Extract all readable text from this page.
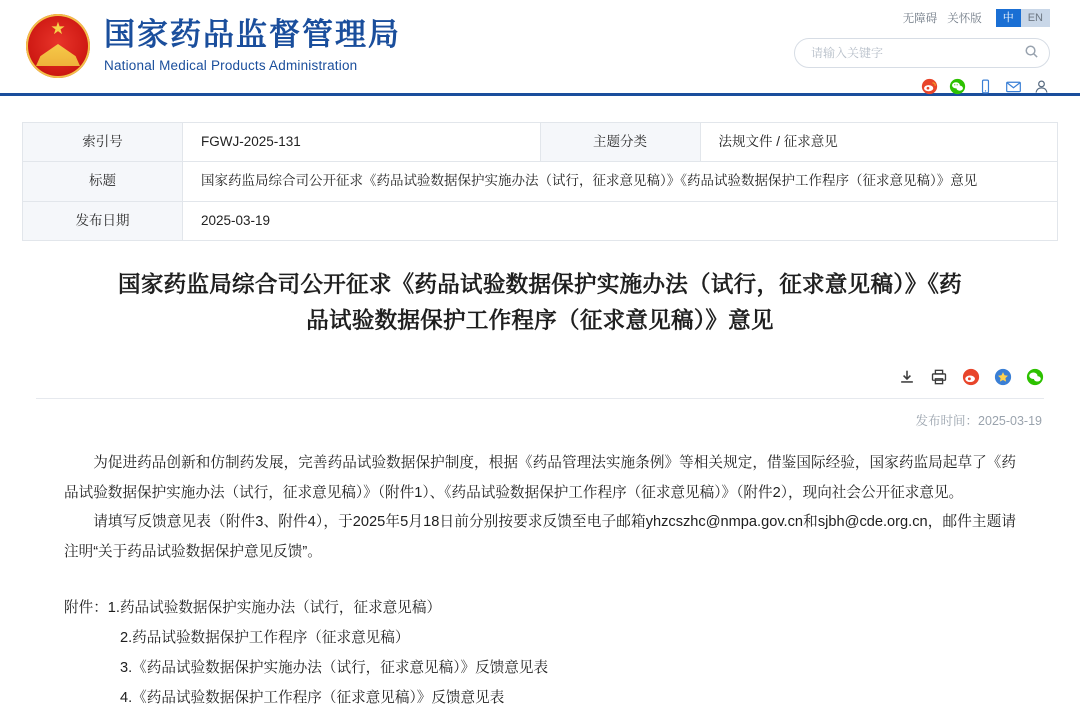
★
国家药品监督管理局
National Medical Products Administration
无障碍 关怀版	中	EN
请输入关键字
索引号	FGWJ-2025-131	主题分类	法规文件 / 征求意见
标题	国家药监局综合司公开征求《药品试验数据保护实施办法（试行，征求意见稿）》《药品试验数据保护工作程序（征求意见稿）》意见		
发布日期	2025-03-19		
国家药监局综合司公开征求《药品试验数据保护实施办法（试行，征求意见稿）》《药品试验数据保护工作程序（征求意见稿）》意见
发布时间：2025-03-19

为促进药品创新和仿制药发展，完善药品试验数据保护制度，根据《药品管理法实施条例》等相关规定，借鉴国际经验，国家药监局起草了《药品试验数据保护实施办法（试行，征求意见稿）》（附件1）、《药品试验数据保护工作程序（征求意见稿）》（附件2），现向社会公开征求意见。

请填写反馈意见表（附件3、附件4），于2025年5月18日前分别按要求反馈至电子邮箱yhzcszhc@nmpa.gov.cn和sjbh@cde.org.cn，邮件主题请注明“关于药品试验数据保护意见反馈”。

附件：1.药品试验数据保护实施办法（试行，征求意见稿）
2.药品试验数据保护工作程序（征求意见稿）
3.《药品试验数据保护实施办法（试行，征求意见稿）》反馈意见表
4.《药品试验数据保护工作程序（征求意见稿）》反馈意见表
